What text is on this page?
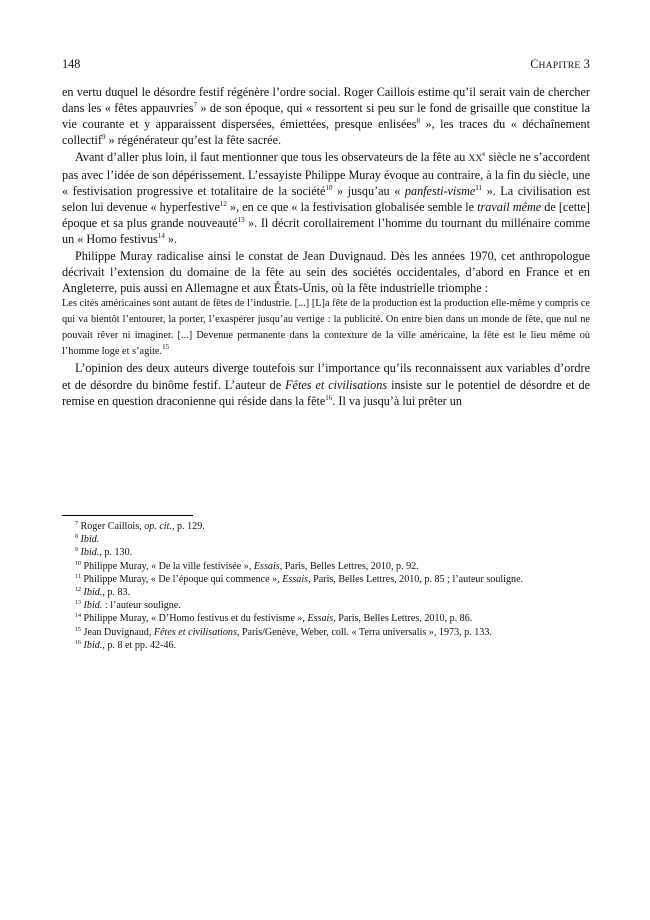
148	CHAPITRE 3

en vertu duquel le désordre festif régénère l’ordre social. Roger Caillois estime qu’il serait vain de chercher dans les « fêtes appauvries$^7$ » de son époque, qui « ressortent si peu sur le fond de grisaille que constitue la vie courante et y apparaissent dispersées, émiettées, presque enlisées$^8$ », les traces du « déchaînement collectif$^9$ » régénérateur qu’est la fête sacrée.

Avant d’aller plus loin, il faut mentionner que tous les observateurs de la fête au XXe siècle ne s’accordent pas avec l’idée de son dépérissement. L’essayiste Philippe Muray évoque au contraire, à la fin du siècle, une « festivisation progressive et totalitaire de la société$^{10}$ » jusqu’au « panfesti-visme$^{11}$ ». La civilisation est selon lui devenue « hyperfestive$^{12}$ », en ce que « la festivisation globalisée semble le travail même de [cette] époque et sa plus grande nouveauté$^{13}$ ». Il décrit corollairement l’homme du tournant du millénaire comme un « Homo festivus$^{14}$ ».

Philippe Muray radicalise ainsi le constat de Jean Duvignaud. Dès les années 1970, cet anthropologue décrivait l’extension du domaine de la fête au sein des sociétés occidentales, d’abord en France et en Angleterre, puis aussi en Allemagne et aux États-Unis, où la fête industrielle triomphe :

Les cités américaines sont autant de fêtes de l’industrie. [...] [L]a fête de la production est la production elle-même y compris ce qui va bientôt l’entourer, la porter, l’exaspérer jusqu’au vertige : la publicité. On entre bien dans un monde de fête, que nul ne pouvait rêver ni imaginer. [...] Devenue permanente dans la contexture de la ville américaine, la fête est le lieu même où l’homme loge et s’agite.$^{15}$

L’opinion des deux auteurs diverge toutefois sur l’importance qu’ils reconnaissent aux variables d’ordre et de désordre du binôme festif. L’auteur de Fêtes et civilisations insiste sur le potentiel de désordre et de remise en question draconienne qui réside dans la fête$^{16}$. Il va jusqu’à lui prêter un

$^7$ Roger Caillois, op. cit., p. 129.

$^8$ Ibid.

$^9$ Ibid., p. 130.

$^{10}$ Philippe Muray, « De la ville festivisée », Essais, Paris, Belles Lettres, 2010, p. 92.

$^{11}$ Philippe Muray, « De l’époque qui commence », Essais, Paris, Belles Lettres, 2010, p. 85 ; l’auteur souligne.

$^{12}$ Ibid., p. 83.

$^{13}$ Ibid. : l’auteur souligne.

$^{14}$ Philippe Muray, « D’Homo festivus et du festivisme », Essais, Paris, Belles Lettres, 2010, p. 86.

$^{15}$ Jean Duvignaud, Fêtes et civilisations, Paris/Genève, Weber, coll. « Terra universalis », 1973, p. 133.

$^{16}$ Ibid., p. 8 et pp. 42-46.
